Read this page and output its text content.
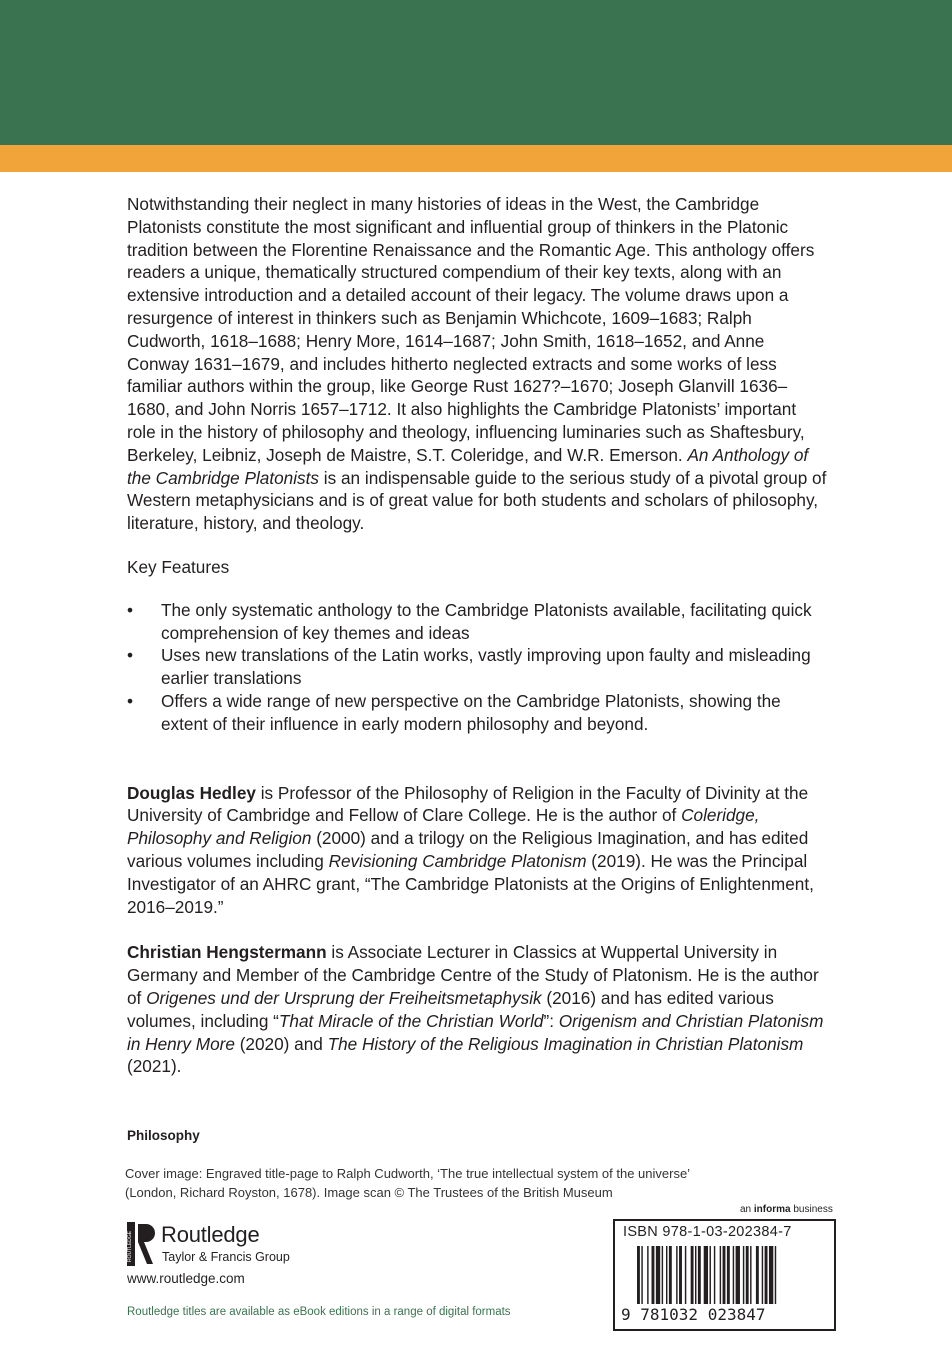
Notwithstanding their neglect in many histories of ideas in the West, the Cambridge Platonists constitute the most significant and influential group of thinkers in the Platonic tradition between the Florentine Renaissance and the Romantic Age. This anthology offers readers a unique, thematically structured compendium of their key texts, along with an extensive introduction and a detailed account of their legacy. The volume draws upon a resurgence of interest in thinkers such as Benjamin Whichcote, 1609–1683; Ralph Cudworth, 1618–1688; Henry More, 1614–1687; John Smith, 1618–1652, and Anne Conway 1631–1679, and includes hitherto neglected extracts and some works of less familiar authors within the group, like George Rust 1627?–1670; Joseph Glanvill 1636–1680, and John Norris 1657–1712. It also highlights the Cambridge Platonists’ important role in the history of philosophy and theology, influencing luminaries such as Shaftesbury, Berkeley, Leibniz, Joseph de Maistre, S.T. Coleridge, and W.R. Emerson. An Anthology of the Cambridge Platonists is an indispensable guide to the serious study of a pivotal group of Western metaphysicians and is of great value for both students and scholars of philosophy, literature, history, and theology.

Key Features

• The only systematic anthology to the Cambridge Platonists available, facilitating quick comprehension of key themes and ideas
• Uses new translations of the Latin works, vastly improving upon faulty and misleading earlier translations
• Offers a wide range of new perspective on the Cambridge Platonists, showing the extent of their influence in early modern philosophy and beyond.

Douglas Hedley is Professor of the Philosophy of Religion in the Faculty of Divinity at the University of Cambridge and Fellow of Clare College. He is the author of Coleridge, Philosophy and Religion (2000) and a trilogy on the Religious Imagination, and has edited various volumes including Revisioning Cambridge Platonism (2019). He was the Principal Investigator of an AHRC grant, “The Cambridge Platonists at the Origins of Enlightenment, 2016–2019.”

Christian Hengstermann is Associate Lecturer in Classics at Wuppertal University in Germany and Member of the Cambridge Centre of the Study of Platonism. He is the author of Origenes und der Ursprung der Freiheitsmetaphysik (2016) and has edited various volumes, including “That Miracle of the Christian World”: Origenism and Christian Platonism in Henry More (2020) and The History of the Religious Imagination in Christian Platonism (2021).

Philosophy
Cover image: Engraved title-page to Ralph Cudworth, ‘The true intellectual system of the universe’ (London, Richard Royston, 1678). Image scan © The Trustees of the British Museum
ROUTLEDGE Routledge
Taylor & Francis Group
www.routledge.com
Routledge titles are available as eBook editions in a range of digital formats
an informa business
ISBN 978-1-03-202384-7
9 781032 023847
